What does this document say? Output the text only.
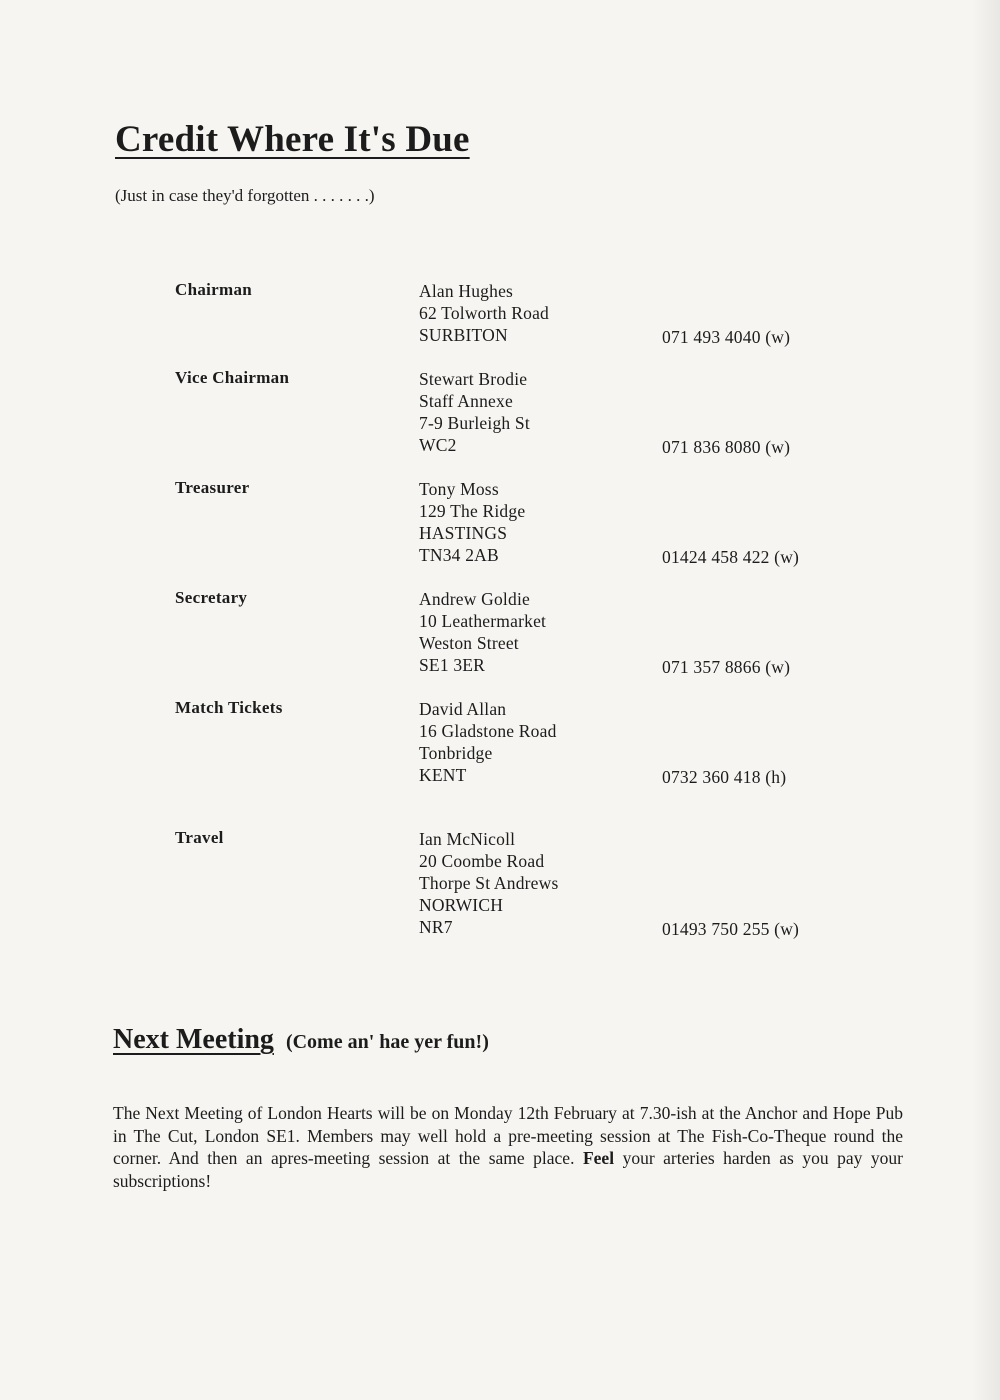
Credit Where It's Due
(Just in case they'd forgotten . . . . . . .)
Chairman	Alan Hughes
62 Tolworth Road
SURBITON	071 493 4040 (w)
Vice Chairman	Stewart Brodie
Staff Annexe
7-9 Burleigh St
WC2	071 836 8080 (w)
Treasurer	Tony Moss
129 The Ridge
HASTINGS
TN34 2AB	01424 458 422 (w)
Secretary	Andrew Goldie
10 Leathermarket
Weston Street
SE1 3ER	071 357 8866 (w)
Match Tickets	David Allan
16 Gladstone Road
Tonbridge
KENT	0732 360 418 (h)
Travel	Ian McNicoll
20 Coombe Road
Thorpe St Andrews
NORWICH
NR7	01493 750 255 (w)
Next Meeting (Come an' hae yer fun!)
The Next Meeting of London Hearts will be on Monday 12th February at 7.30-ish at the Anchor and Hope Pub in The Cut, London SE1. Members may well hold a pre-meeting session at The Fish-Co-Theque round the corner. And then an apres-meeting session at the same place. Feel your arteries harden as you pay your subscriptions!
